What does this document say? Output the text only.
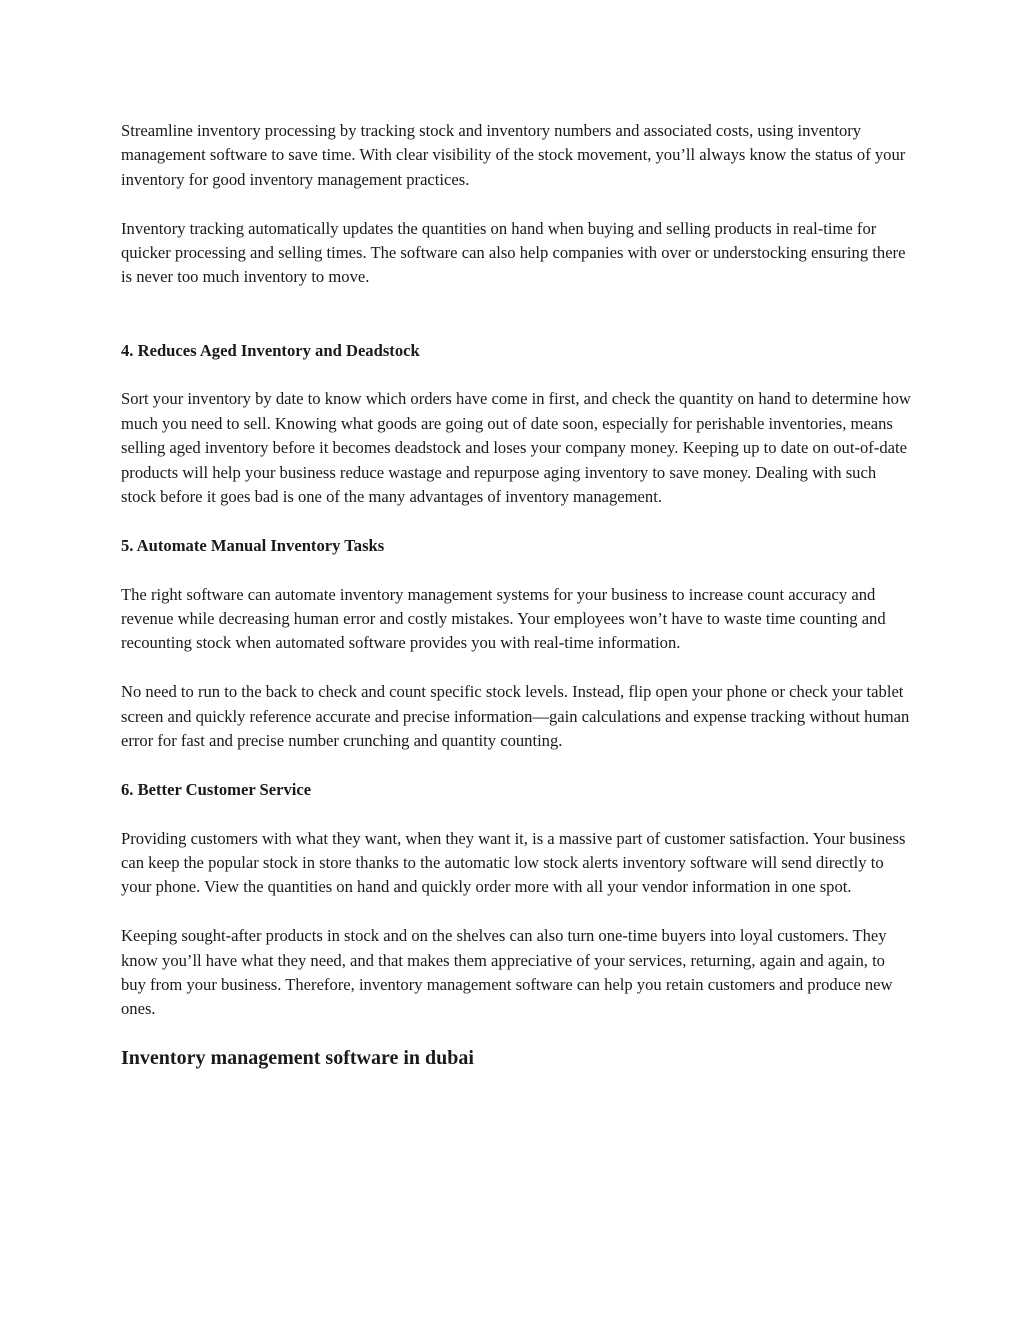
Streamline inventory processing by tracking stock and inventory numbers and associated costs, using inventory management software to save time. With clear visibility of the stock movement, you’ll always know the status of your inventory for good inventory management practices.

Inventory tracking automatically updates the quantities on hand when buying and selling products in real-time for quicker processing and selling times. The software can also help companies with over or understocking ensuring there is never too much inventory to move.

4. Reduces Aged Inventory and Deadstock

Sort your inventory by date to know which orders have come in first, and check the quantity on hand to determine how much you need to sell. Knowing what goods are going out of date soon, especially for perishable inventories, means selling aged inventory before it becomes deadstock and loses your company money. Keeping up to date on out-of-date products will help your business reduce wastage and repurpose aging inventory to save money. Dealing with such stock before it goes bad is one of the many advantages of inventory management.

5. Automate Manual Inventory Tasks

The right software can automate inventory management systems for your business to increase count accuracy and revenue while decreasing human error and costly mistakes. Your employees won’t have to waste time counting and recounting stock when automated software provides you with real-time information.

No need to run to the back to check and count specific stock levels. Instead, flip open your phone or check your tablet screen and quickly reference accurate and precise information—gain calculations and expense tracking without human error for fast and precise number crunching and quantity counting.

6. Better Customer Service

Providing customers with what they want, when they want it, is a massive part of customer satisfaction. Your business can keep the popular stock in store thanks to the automatic low stock alerts inventory software will send directly to your phone. View the quantities on hand and quickly order more with all your vendor information in one spot.

Keeping sought-after products in stock and on the shelves can also turn one-time buyers into loyal customers. They know you’ll have what they need, and that makes them appreciative of your services, returning, again and again, to buy from your business. Therefore, inventory management software can help you retain customers and produce new ones.

Inventory management software in dubai
